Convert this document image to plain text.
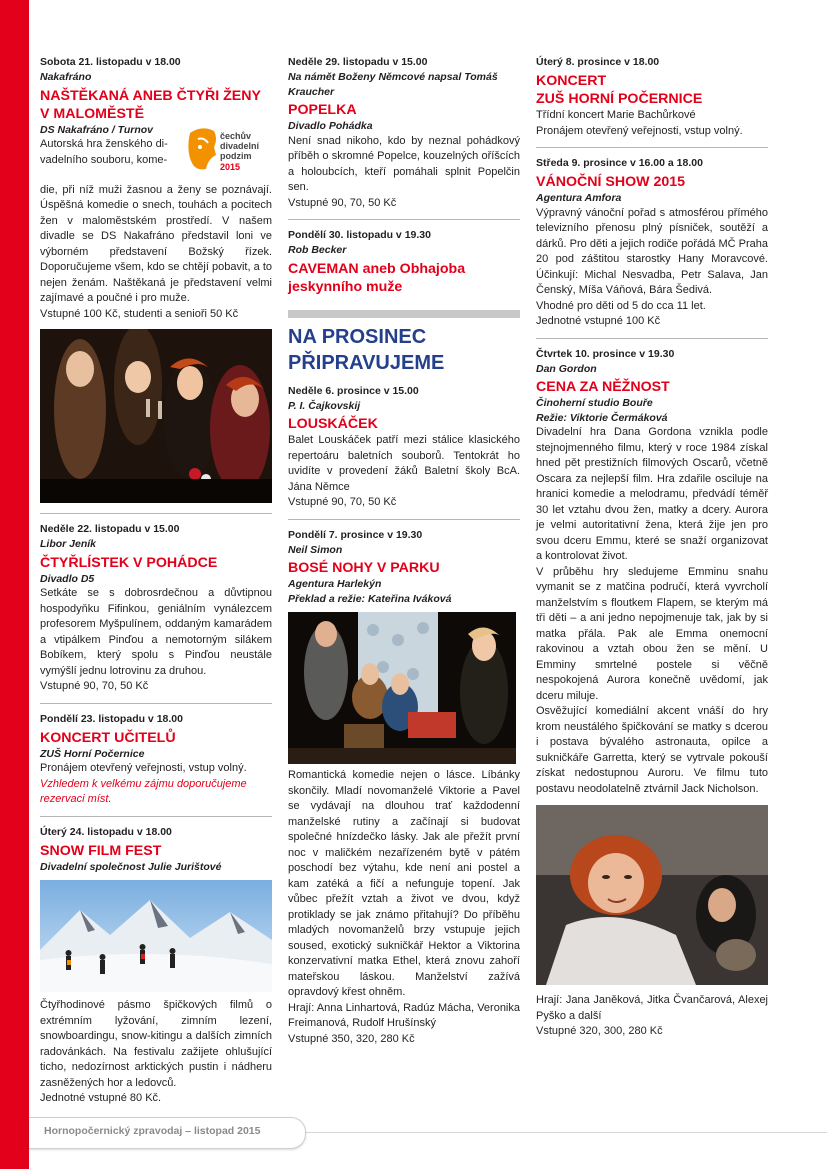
Sobota 21. listopadu v 18.00
Nakafráno
NAŠTĚKANÁ ANEB ČTYŘI ŽENY
V MALOMĚSTĚ
čechův
divadelní
podzim
2015
DS Nakafráno / Turnov
Autorská hra ženského di-
vadelního souboru, kome-
die, při níž muži žasnou a ženy se poznávají. Úspěšná komedie o snech, touhách a pocitech žen v maloměstském prostředí. V našem divadle se DS Nakafráno představil loni ve výborném představení Božský řízek. Doporučujeme všem, kdo se chtějí pobavit, a to nejen ženám. Naštěkaná je představení velmi zajímavé a poučné i pro muže.
Vstupné 100 Kč, studenti a senioři 50 Kč
Neděle 22. listopadu v 15.00
Libor Jeník
ČTYŘLÍSTEK V POHÁDCE
Divadlo D5
Setkáte se s dobrosrdečnou a důvtipnou hospodyňku Fifinkou, geniálním vynálezcem profesorem Myšpulínem, oddaným kamarádem a vtipálkem Pinďou a nemotorným silákem Bobíkem, který spolu s Pinďou neustále vymýšlí jednu lotrovinu za druhou.
Vstupné 90, 70, 50 Kč
Pondělí 23. listopadu v 18.00
KONCERT UČITELŮ
ZUŠ Horní Počernice
Pronájem otevřený veřejnosti, vstup volný.
Vzhledem k velkému zájmu doporučujeme rezervaci míst.
Úterý 24. listopadu v 18.00
SNOW FILM FEST
Divadelní společnost Julie Jurištové
Čtyřhodinové pásmo špičkových filmů o extrémním lyžování, zimním lezení, snowboardingu, snow-kitingu a dalších zimních radovánkách. Na festivalu zažijete ohlušující ticho, nedozírnost arktických pustin i nádheru zasněžených hor a ledovců.
Jednotné vstupné 80 Kč.
Neděle 29. listopadu v 15.00
Na námět Boženy Němcové napsal Tomáš Kraucher
POPELKA
Divadlo Pohádka
Není snad nikoho, kdo by neznal pohádkový příběh o skromné Popelce, kouzelných oříšcích a holoubcích, kteří pomáhali splnit Popelčin sen.
Vstupné 90, 70, 50 Kč
Pondělí 30. listopadu v 19.30
Rob Becker
CAVEMAN aneb Obhajoba
jeskynního muže
NA PROSINEC
PŘIPRAVUJEME
Neděle 6. prosince v 15.00
P. I. Čajkovskij
LOUSKÁČEK
Balet Louskáček patří mezi stálice klasického repertoáru baletních souborů. Tentokrát ho uvidíte v provedení žáků Baletní školy BcA. Jána Němce
Vstupné 90, 70, 50 Kč
Pondělí 7. prosince v 19.30
Neil Simon
BOSÉ NOHY V PARKU
Agentura Harlekýn
Překlad a režie: Kateřina Iváková
Romantická komedie nejen o lásce. Líbánky skončily. Mladí novomanželé Viktorie a Pavel se vydávají na dlouhou trať každodenní manželské rutiny a začínají si budovat společné hnízdečko lásky. Jak ale přežít první noc v maličkém nezařízeném bytě v pátém poschodí bez výtahu, kde není ani postel a kam zatéká a fičí a nefunguje topení. Jak vůbec přežít vztah a život ve dvou, když protiklady se jak známo přitahují? Do příběhu mladých novomanželů brzy vstupuje jejich soused, exotický sukničkář Hektor a Viktorina konzervativní matka Ethel, která znovu zahoří mateřskou láskou. Manželství zažívá opravdový křest ohněm.
Hrají: Anna Linhartová, Radúz Mácha, Veronika Freimanová, Rudolf Hrušínský
Vstupné 350, 320, 280 Kč
Úterý 8. prosince v 18.00
KONCERT
ZUŠ HORNÍ POČERNICE
Třídní koncert Marie Bachůrkové
Pronájem otevřený veřejnosti, vstup volný.
Středa 9. prosince v 16.00 a 18.00
VÁNOČNÍ SHOW 2015
Agentura Amfora
Výpravný vánoční pořad s atmosférou přímého televizního přenosu plný písniček, soutěží a dárků. Pro děti a jejich rodiče pořádá MČ Praha 20 pod záštitou starostky Hany Moravcové. Účinkují: Michal Nesvadba, Petr Salava, Jan Čenský, Míša Váňová, Bára Šedivá.
Vhodné pro děti od 5 do cca 11 let.
Jednotné vstupné 100 Kč
Čtvrtek 10. prosince v 19.30
Dan Gordon
CENA ZA NĚŽNOST
Činoherní studio Bouře
Režie: Viktorie Čermáková
Divadelní hra Dana Gordona vznikla podle stejnojmenného filmu, který v roce 1984 získal hned pět prestižních filmových Oscarů, včetně Oscara za nejlepší film. Hra zdařile osciluje na hranici komedie a melodramu, předvádí téměř 30 let vztahu dvou žen, matky a dcery. Aurora je velmi autoritativní žena, která žije jen pro svou dceru Emmu, které se snaží organizovat a kontrolovat život.
V průběhu hry sledujeme Emminu snahu vymanit se z matčina područí, která vyvrcholí manželstvím s floutkem Flapem, se kterým má tři děti – a ani jedno nepojmenuje tak, jak by si matka přála. Pak ale Emma onemocní rakovinou a vztah obou žen se mění. U Emminy smrtelné postele si věčně nespokojená Aurora konečně uvědomí, jak dceru miluje.
Osvěžující komediální akcent vnáší do hry krom neustálého špičkování se matky s dcerou i postava bývalého astronauta, opilce a sukničkáře Garretta, který se vytrvale pokouší získat nedostupnou Auroru. Ve filmu tuto postavu neodolatelně ztvárnil Jack Nicholson.
Hrají: Jana Janěková, Jitka Čvančarová, Alexej Pyško a další
Vstupné 320, 300, 280 Kč
Hornopočernický zpravodaj – listopad 2015
